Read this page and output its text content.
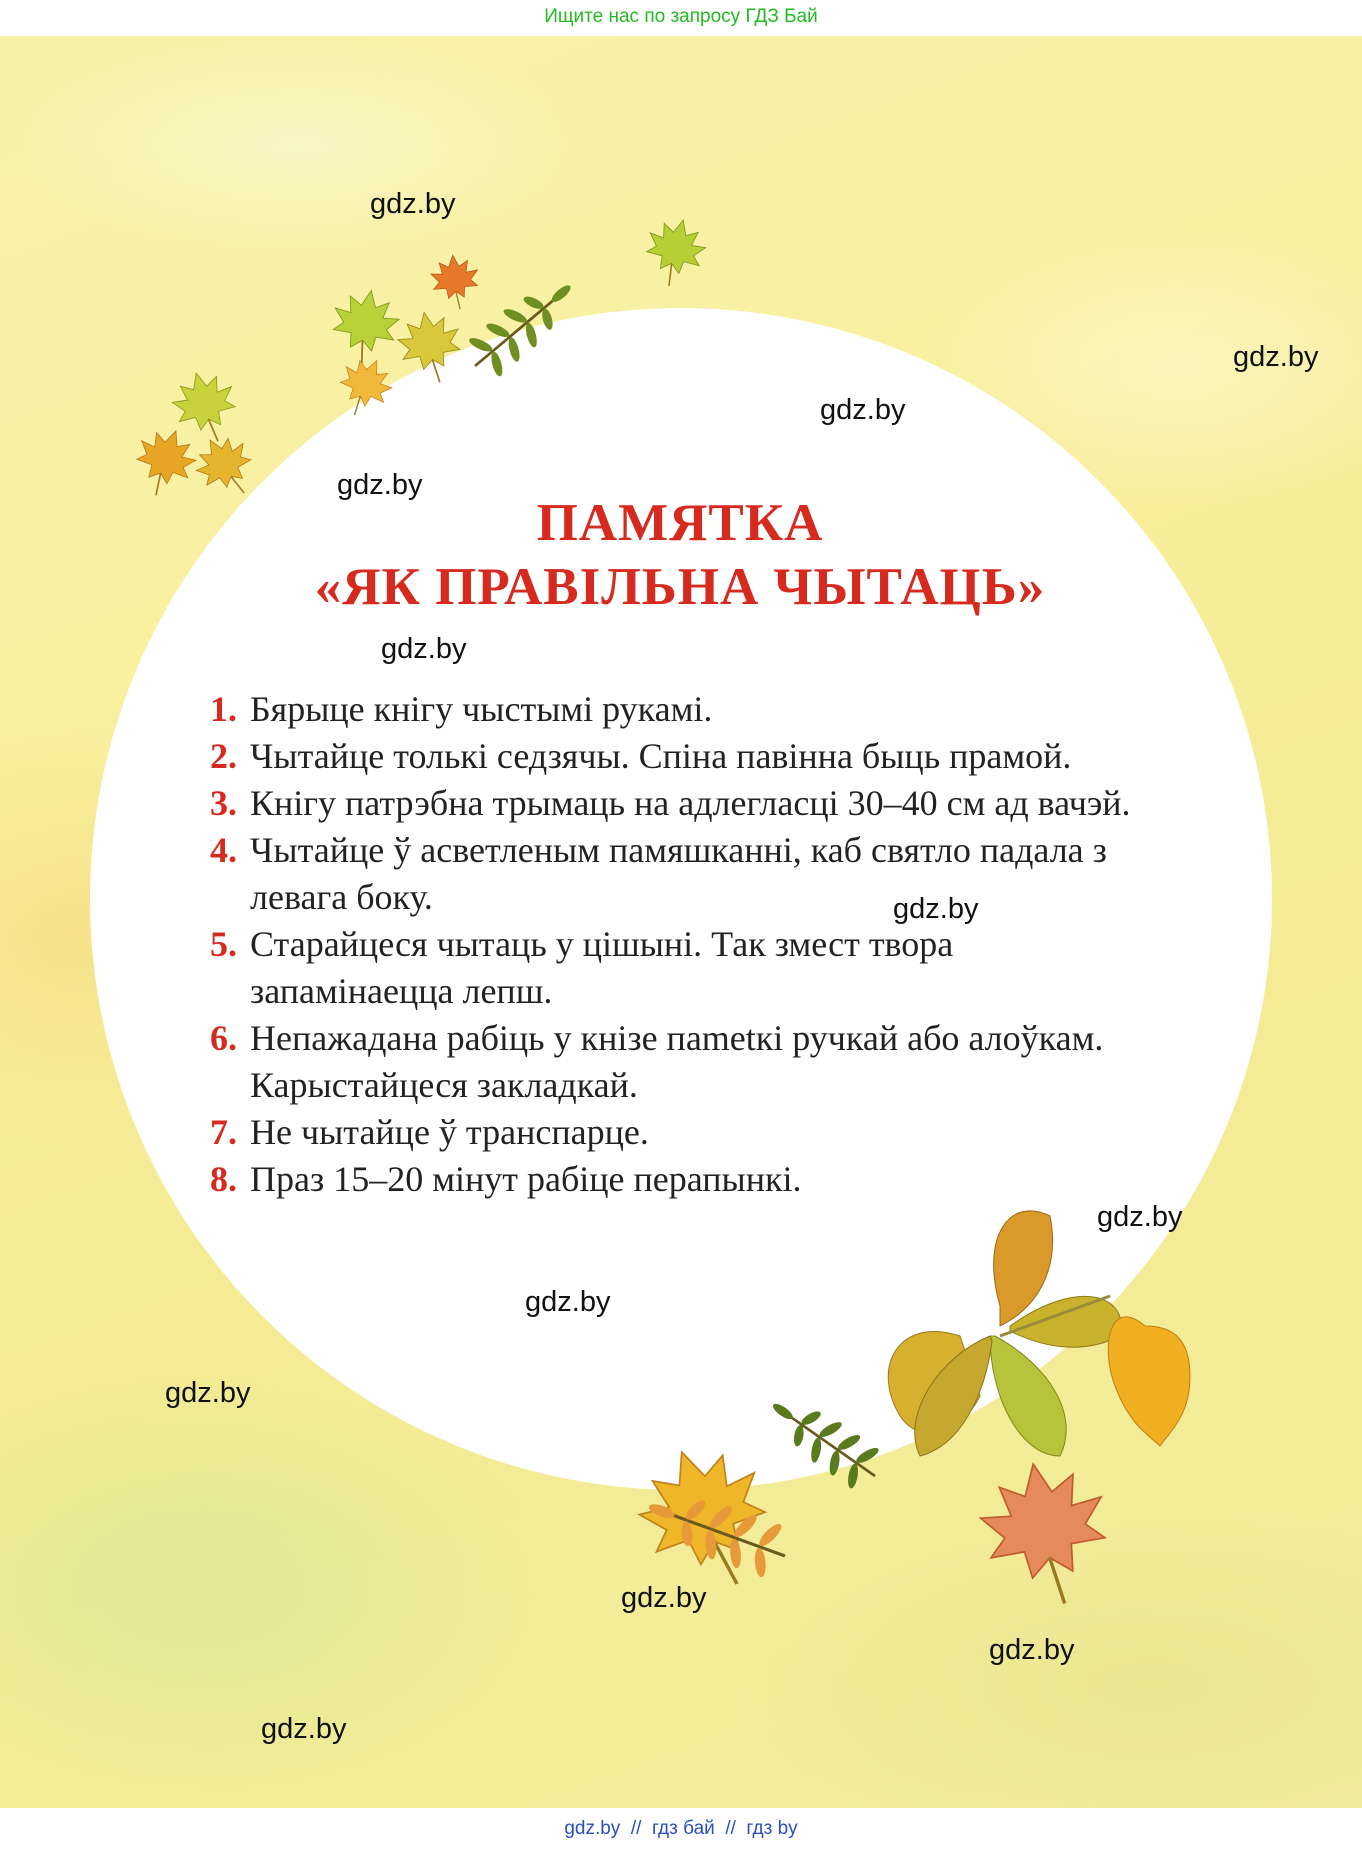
Ищите нас по запросу ГДЗ Бай
ПАМЯТКА
«ЯК ПРАВІЛЬНА ЧЫТАЦЬ»
1. Бярыце кнігу чыстымі рукамі.
2. Чытайце толькі седзячы. Спіна павінна быць прамой.
3. Кнігу патрэбна трымаць на адлегласці 30–40 см ад вачэй.
4. Чытайце ў асветленым памяшканні, каб святло падала з левага боку.
5. Старайцеся чытаць у цішыні. Так змест твора запамінаецца лепш.
6. Непажадана рабіць у кнізе пametкі ручкай або алоўкам. Карыстайцеся закладкай.
7. Не чытайце ў транспарце.
8. Праз 15–20 мінут рабіце перапынкі.
gdz.by
gdz.by
gdz.by
gdz.by
gdz.by
gdz.by
gdz.by
gdz.by
gdz.by
gdz.by
gdz.by
gdz.by
gdz.by  //  гдз бай  //  гдз by
